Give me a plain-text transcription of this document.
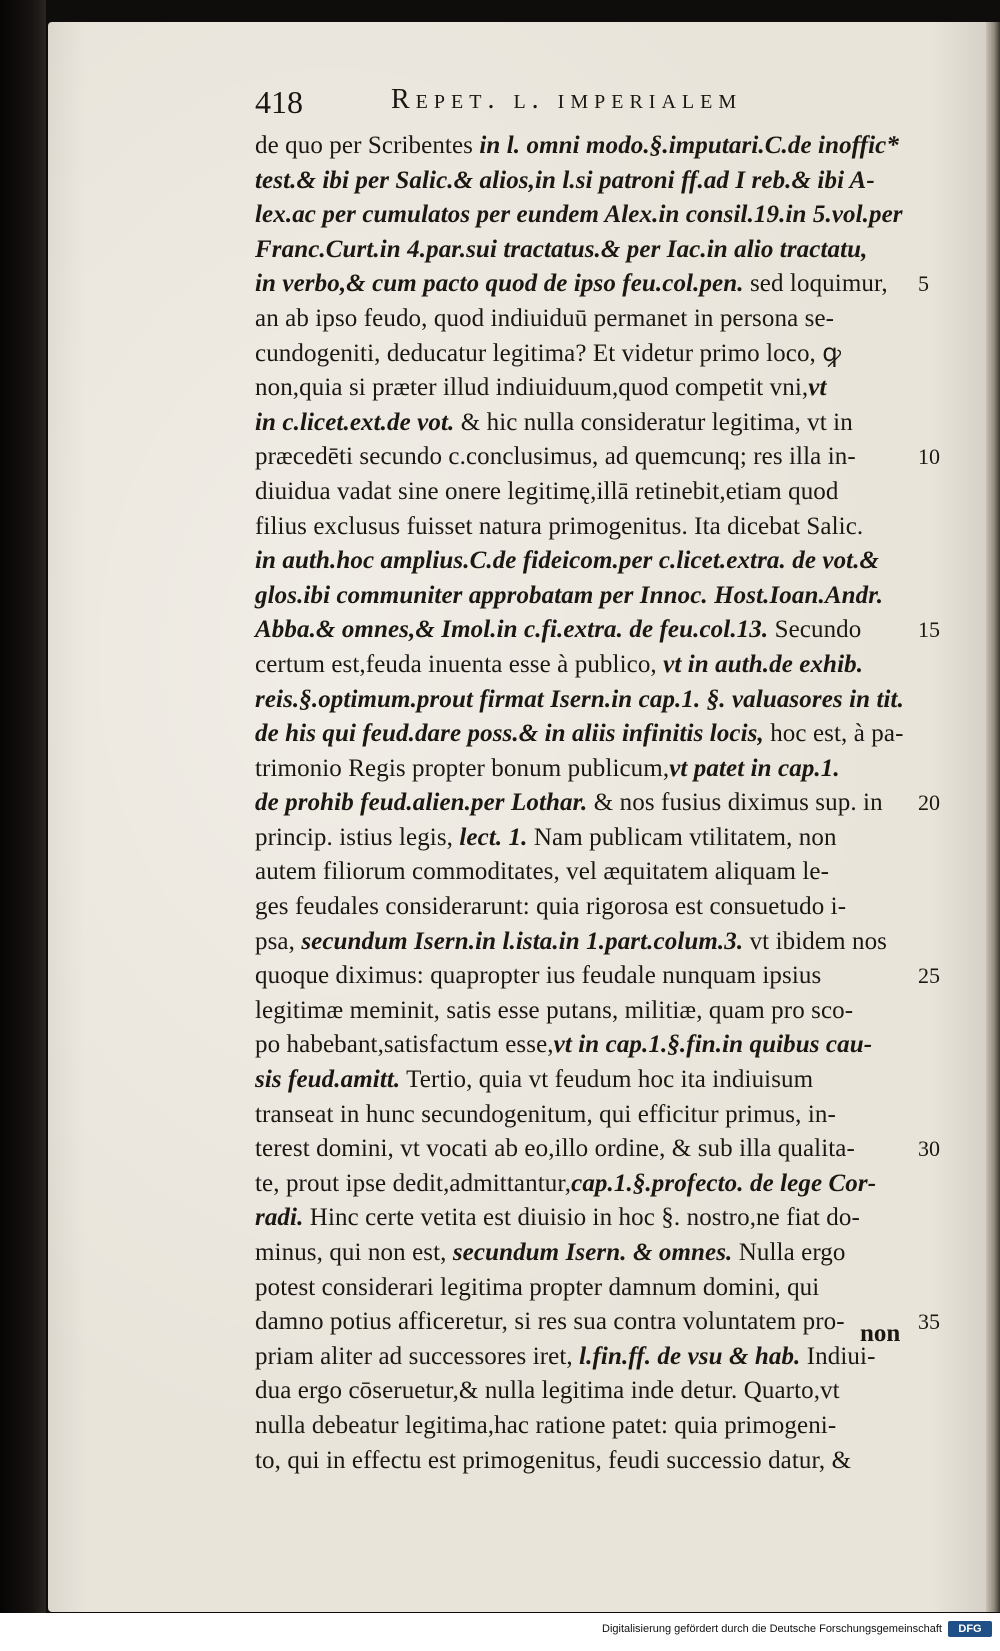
418	Repet. l. imperialem
de quo per Scribentes in l. omni modo.§.imputari.C.de inoffic*
test.& ibi per Salic.& alios,in l.si patroni ff.ad I reb.& ibi A-
lex.ac per cumulatos per eundem Alex.in consil.19.in 5.vol.per
Franc.Curt.in 4.par.sui tractatus.& per Iac.in alio tractatu,
in verbo,& cum pacto quod de ipso feu.col.pen. sed loquimur,
an ab ipso feudo, quod indiuiduū permanet in persona se-
cundogeniti, deducatur legitima? Et videtur primo loco, ꝙ
non,quia si præter illud indiuiduum,quod competit vni,vt
in c.licet.ext.de vot. & hic nulla consideratur legitima, vt in
præcedēti secundo c.conclusimus, ad quemcunq; res illa in-
diuidua vadat sine onere legitimę,illā retinebit,etiam quod
filius exclusus fuisset natura primogenitus. Ita dicebat Salic.
in auth.hoc amplius.C.de fideicom.per c.licet.extra. de vot.&
glos.ibi communiter approbatam per Innoc. Host.Ioan.Andr.
Abba.& omnes,& Imol.in c.fi.extra. de feu.col.13. Secundo
certum est,feuda inuenta esse à publico, vt in auth.de exhib.
reis.§.optimum.prout firmat Isern.in cap.1. §. valuasores in tit.
de his qui feud.dare poss.& in aliis infinitis locis, hoc est, à pa-
trimonio Regis propter bonum publicum,vt patet in cap.1.
de prohib feud.alien.per Lothar. & nos fusius diximus sup. in
princip. istius legis, lect. 1. Nam publicam vtilitatem, non
autem filiorum commoditates, vel æquitatem aliquam le-
ges feudales considerarunt: quia rigorosa est consuetudo i-
psa, secundum Isern.in l.ista.in 1.part.colum.3. vt ibidem nos
quoque diximus: quapropter ius feudale nunquam ipsius
legitimæ meminit, satis esse putans, militiæ, quam pro sco-
po habebant,satisfactum esse,vt in cap.1.§.fin.in quibus cau-
sis feud.amitt. Tertio, quia vt feudum hoc ita indiuisum
transeat in hunc secundogenitum, qui efficitur primus, in-
terest domini, vt vocati ab eo,illo ordine, & sub illa qualita-
te, prout ipse dedit,admittantur,cap.1.§.profecto. de lege Cor-
radi. Hinc certe vetita est diuisio in hoc §. nostro,ne fiat do-
minus, qui non est, secundum Isern. & omnes. Nulla ergo
potest considerari legitima propter damnum domini, qui
damno potius afficeretur, si res sua contra voluntatem pro-
priam aliter ad successores iret, l.fin.ff. de vsu & hab. Indiui-
dua ergo cōseruetur,& nulla legitima inde detur. Quarto,vt
nulla debeatur legitima,hac ratione patet: quia primogeni-
to, qui in effectu est primogenitus, feudi successio datur, &
5
10
15
20
25
30
35
non
Digitalisierung gefördert durch die Deutsche Forschungsgemeinschaft	DFG
